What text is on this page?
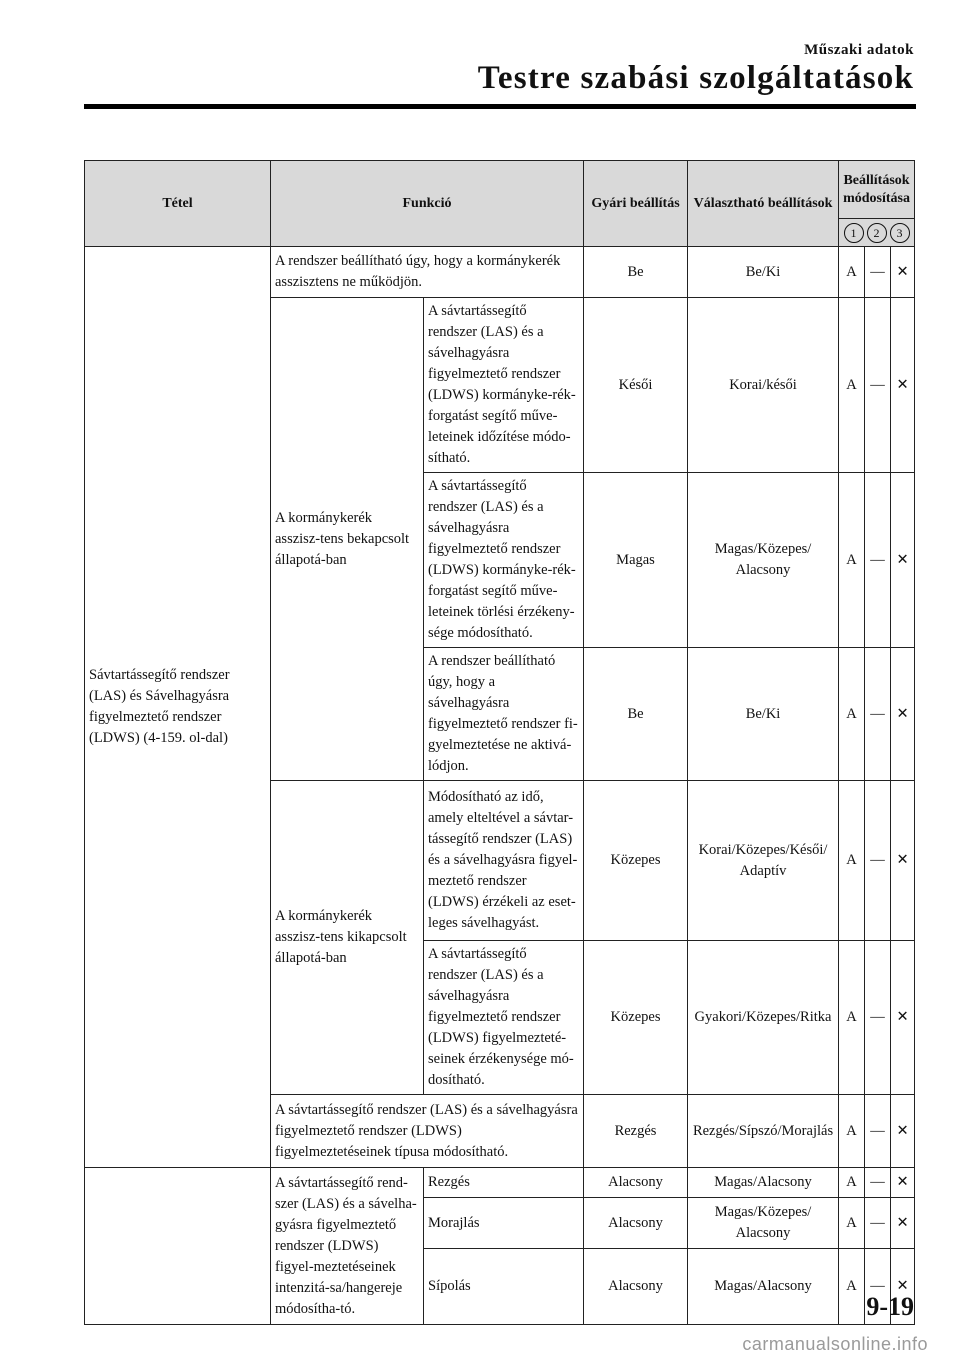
Műszaki adatok
Testre szabási szolgáltatások
Tétel	Funkció		Gyári beállítás	Választható beállítások	Beállítások módosítása		

					1 2 3		

Sávtartássegítő rendszer (LAS) és Sávelhagyásra figyelmeztető rendszer (LDWS) (4-159. ol-dal)	A rendszer beállítható úgy, hogy a kormánykerék asszisztens ne működjön.		Be	Be/Ki	A	—	✕
	A kormánykerék asszisz-tens bekapcsolt állapotá-ban	A sávtartássegítő rendszer (LAS) és a sávelhagyásra figyelmeztető rendszer (LDWS) kormányke-rék-forgatást segítő műve-leteinek időzítése módo-sítható.	Késői	Korai/késői	A	—	✕
		A sávtartássegítő rendszer (LAS) és a sávelhagyásra figyelmeztető rendszer (LDWS) kormányke-rék-forgatást segítő műve-leteinek törlési érzékeny-sége módosítható.	Magas	Magas/Közepes/ Alacsony	A	—	✕
		A rendszer beállítható úgy, hogy a sávelhagyásra figyelmeztető rendszer fi-gyelmeztetése ne aktivá-lódjon.	Be	Be/Ki	A	—	✕
	A kormánykerék asszisz-tens kikapcsolt állapotá-ban	Módosítható az idő, amely elteltével a sávtar-tássegítő rendszer (LAS) és a sávelhagyásra figyel-meztető rendszer (LDWS) érzékeli az eset-leges sávelhagyást.	Közepes	Korai/Közepes/Késői/ Adaptív	A	—	✕
		A sávtartássegítő rendszer (LAS) és a sávelhagyásra figyelmeztető rendszer (LDWS) figyelmezteté-seinek érzékenysége mó-dosítható.	Közepes	Gyakori/Közepes/Ritka	A	—	✕
	A sávtartássegítő rendszer (LAS) és a sávelhagyásra figyelmeztető rendszer (LDWS) figyelmeztetéseinek típusa módosítható.		Rezgés	Rezgés/Sípszó/Morajlás	A	—	✕
	A sávtartássegítő rend-szer (LAS) és a sávelha-gyásra figyelmeztető rendszer (LDWS) figyel-meztetéseinek intenzitá-sa/hangereje módosítha-tó.	Rezgés	Alacsony	Magas/Alacsony	A	—	✕
		Morajlás	Alacsony	Magas/Közepes/ Alacsony	A	—	✕
		Sípolás	Alacsony	Magas/Alacsony	A	—	✕
9-19
carmanualsonline.info
